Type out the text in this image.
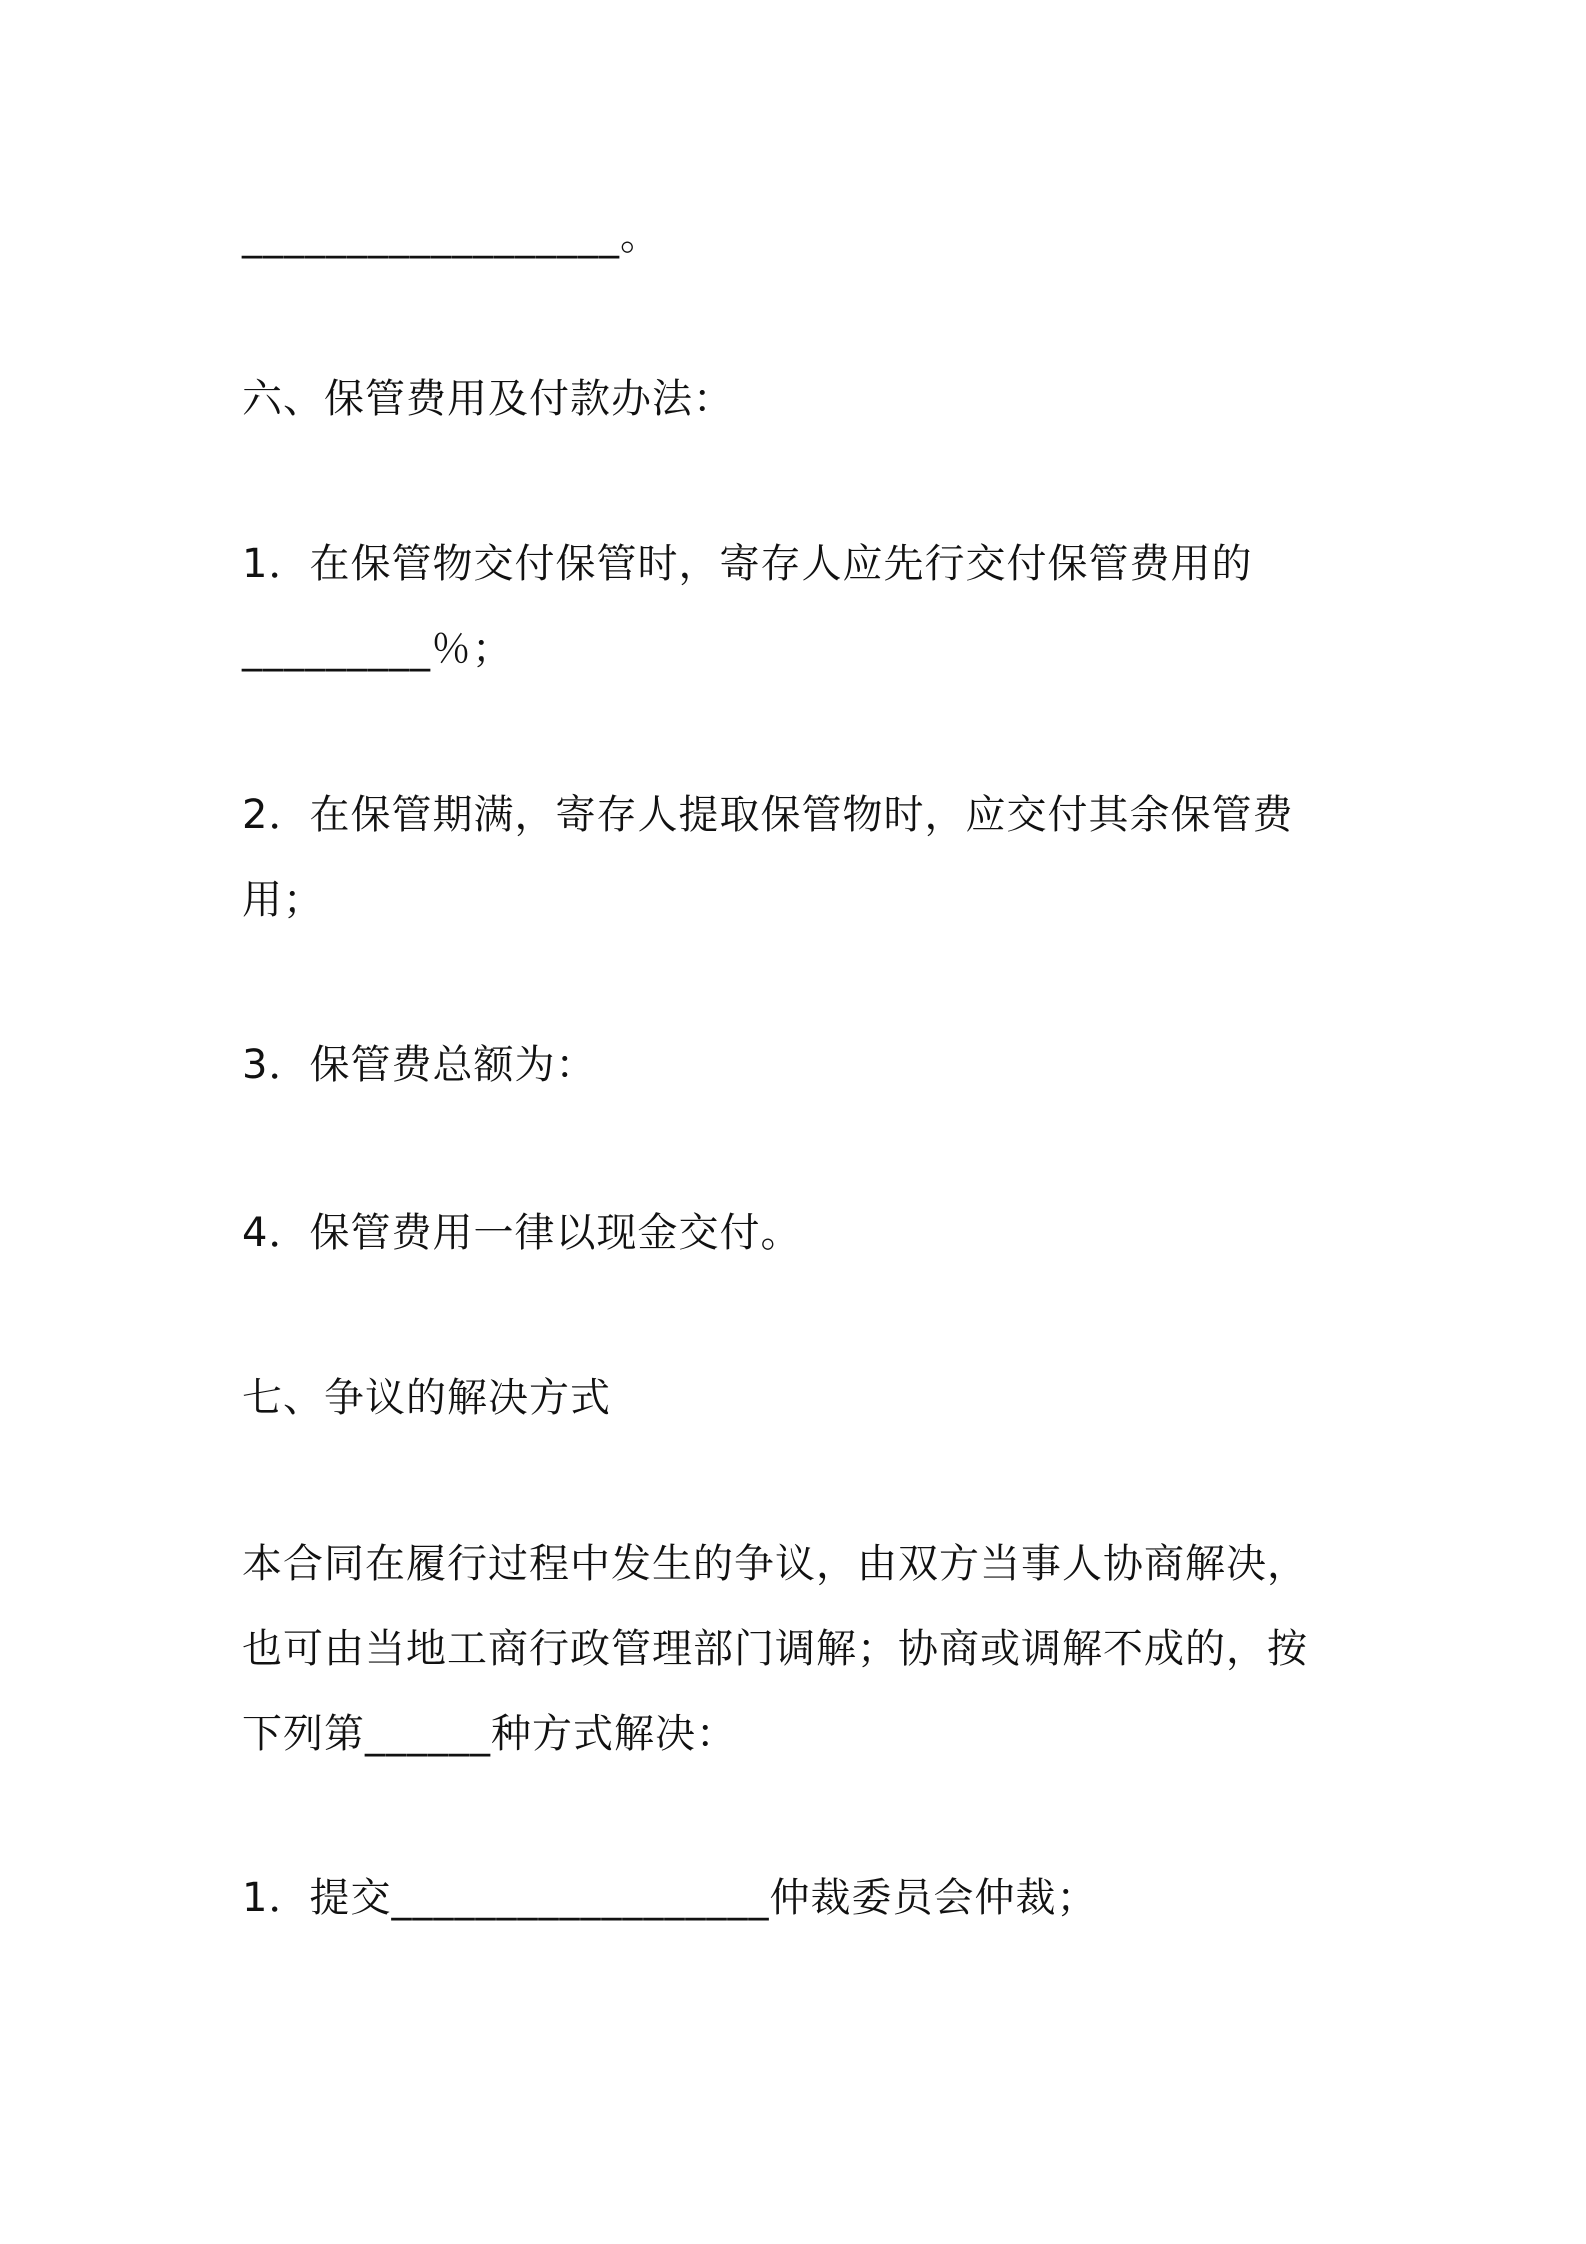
__________________。
六、保管费用及付款办法：
1．在保管物交付保管时，寄存人应先行交付保管费用的
_________％；
2．在保管期满，寄存人提取保管物时，应交付其余保管费
用；
3．保管费总额为：
4．保管费用一律以现金交付。
七、争议的解决方式
本合同在履行过程中发生的争议，由双方当事人协商解决，
也可由当地工商行政管理部门调解；协商或调解不成的，按
下列第______种方式解决：
1．提交__________________仲裁委员会仲裁；
